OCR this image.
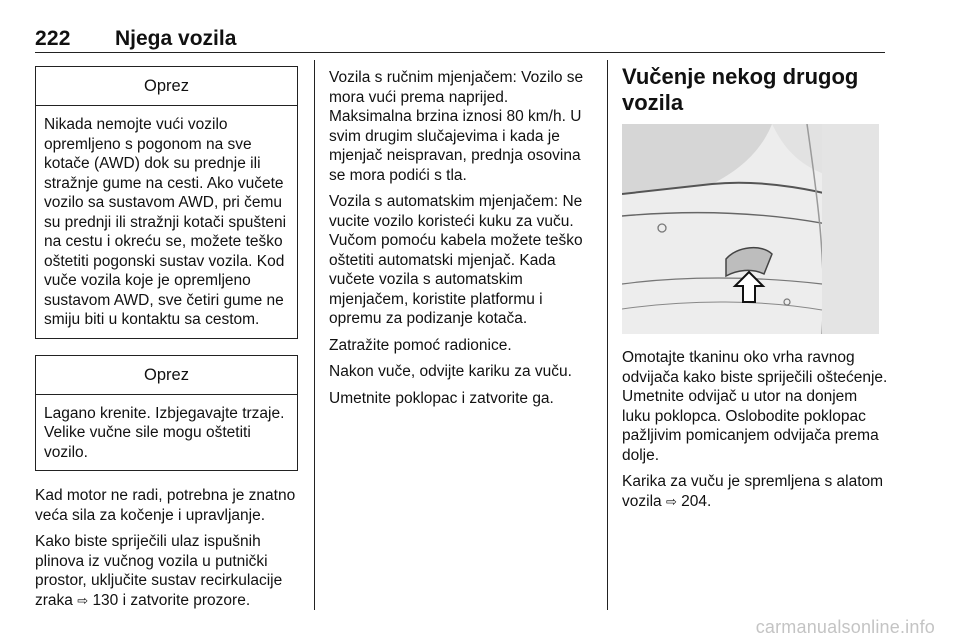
222 Njega vozila
Oprez
Nikada nemojte vući vozilo opremljeno s pogonom na sve kotače (AWD) dok su prednje ili stražnje gume na cesti. Ako vučete vozilo sa sustavom AWD, pri čemu su prednji ili stražnji kotači spušteni na cestu i okreću se, možete teško oštetiti pogonski sustav vozila. Kod vuče vozila koje je opremljeno sustavom AWD, sve četiri gume ne smiju biti u kontaktu sa cestom.
Oprez
Lagano krenite. Izbjegavajte trzaje. Velike vučne sile mogu oštetiti vozilo.

Kad motor ne radi, potrebna je znatno veća sila za kočenje i upravljanje.

Kako biste spriječili ulaz ispušnih plinova iz vučnog vozila u putnički prostor, uključite sustav recirkulacije zraka ⇨ 130 i zatvorite prozore.

Vozila s ručnim mjenjačem: Vozilo se mora vući prema naprijed. Maksimalna brzina iznosi 80 km/h. U svim drugim slučajevima i kada je mjenjač neispravan, prednja osovina se mora podići s tla.

Vozila s automatskim mjenjačem: Ne vucite vozilo koristeći kuku za vuču. Vučom pomoću kabela možete teško oštetiti automatski mjenjač. Kada vučete vozila s automatskim mjenjačem, koristite platformu i opremu za podizanje kotača.

Zatražite pomoć radionice.

Nakon vuče, odvijte kariku za vuču.

Umetnite poklopac i zatvorite ga.

Vučenje nekog drugog vozila

Omotajte tkaninu oko vrha ravnog odvijača kako biste spriječili oštećenje. Umetnite odvijač u utor na donjem luku poklopca. Oslobodite poklopac pažljivim pomicanjem odvijača prema dolje.

Karika za vuču je spremljena s alatom vozila ⇨ 204.

carmanualsonline.info
